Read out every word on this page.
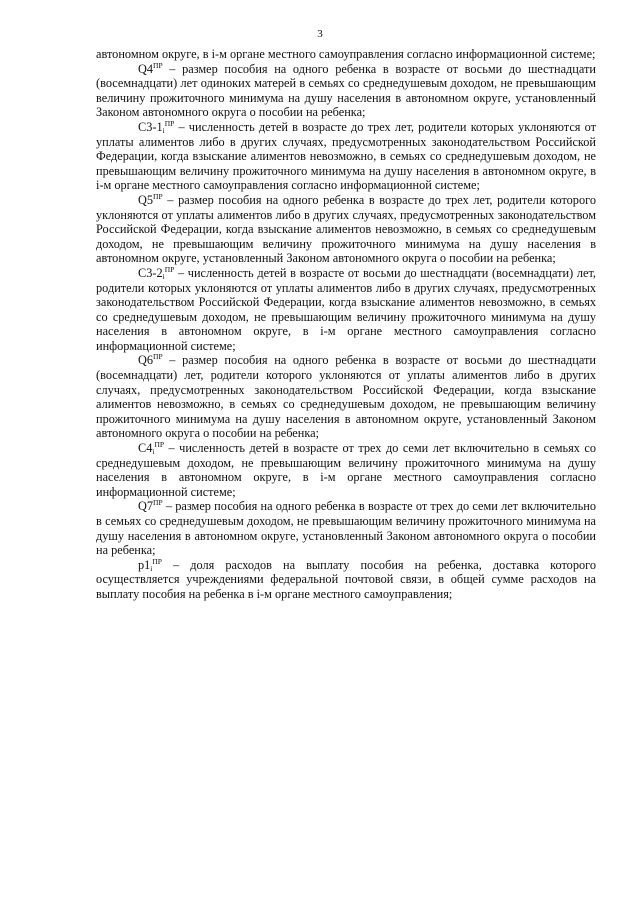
3

автономном округе, в i-м органе местного самоуправления согласно информационной системе;

$Q4^{ПР}$ – размер пособия на одного ребенка в возрасте от восьми до шестнадцати (восемнадцати) лет одиноких матерей в семьях со среднедушевым доходом, не превышающим величину прожиточного минимума на душу населения в автономном округе, установленный Законом автономного округа о пособии на ребенка;

$С3-1_i^{ПР}$ – численность детей в возрасте до трех лет, родители которых уклоняются от уплаты алиментов либо в других случаях, предусмотренных законодательством Российской Федерации, когда взыскание алиментов невозможно, в семьях со среднедушевым доходом, не превышающим величину прожиточного минимума на душу населения в автономном округе, в i-м органе местного самоуправления согласно информационной системе;

$Q5^{ПР}$ – размер пособия на одного ребенка в возрасте до трех лет, родители которого уклоняются от уплаты алиментов либо в других случаях, предусмотренных законодательством Российской Федерации, когда взыскание алиментов невозможно, в семьях со среднедушевым доходом, не превышающим величину прожиточного минимума на душу населения в автономном округе, установленный Законом автономного округа о пособии на ребенка;

$С3-2_i^{ПР}$ – численность детей в возрасте от восьми до шестнадцати (восемнадцати) лет, родители которых уклоняются от уплаты алиментов либо в других случаях, предусмотренных законодательством Российской Федерации, когда взыскание алиментов невозможно, в семьях со среднедушевым доходом, не превышающим величину прожиточного минимума на душу населения в автономном округе, в i-м органе местного самоуправления согласно информационной системе;

$Q6^{ПР}$ – размер пособия на одного ребенка в возрасте от восьми до шестнадцати (восемнадцати) лет, родители которого уклоняются от уплаты алиментов либо в других случаях, предусмотренных законодательством Российской Федерации, когда взыскание алиментов невозможно, в семьях со среднедушевым доходом, не превышающим величину прожиточного минимума на душу населения в автономном округе, установленный Законом автономного округа о пособии на ребенка;

$С4_i^{ПР}$ – численность детей в возрасте от трех до семи лет включительно в семьях со среднедушевым доходом, не превышающим величину прожиточного минимума на душу населения в автономном округе, в i-м органе местного самоуправления согласно информационной системе;

$Q7^{ПР}$ – размер пособия на одного ребенка в возрасте от трех до семи лет включительно в семьях со среднедушевым доходом, не превышающим величину прожиточного минимума на душу населения в автономном округе, установленный Законом автономного округа о пособии на ребенка;

$р1_i^{ПР}$ – доля расходов на выплату пособия на ребенка, доставка которого осуществляется учреждениями федеральной почтовой связи, в общей сумме расходов на выплату пособия на ребенка в i-м органе местного самоуправления;
